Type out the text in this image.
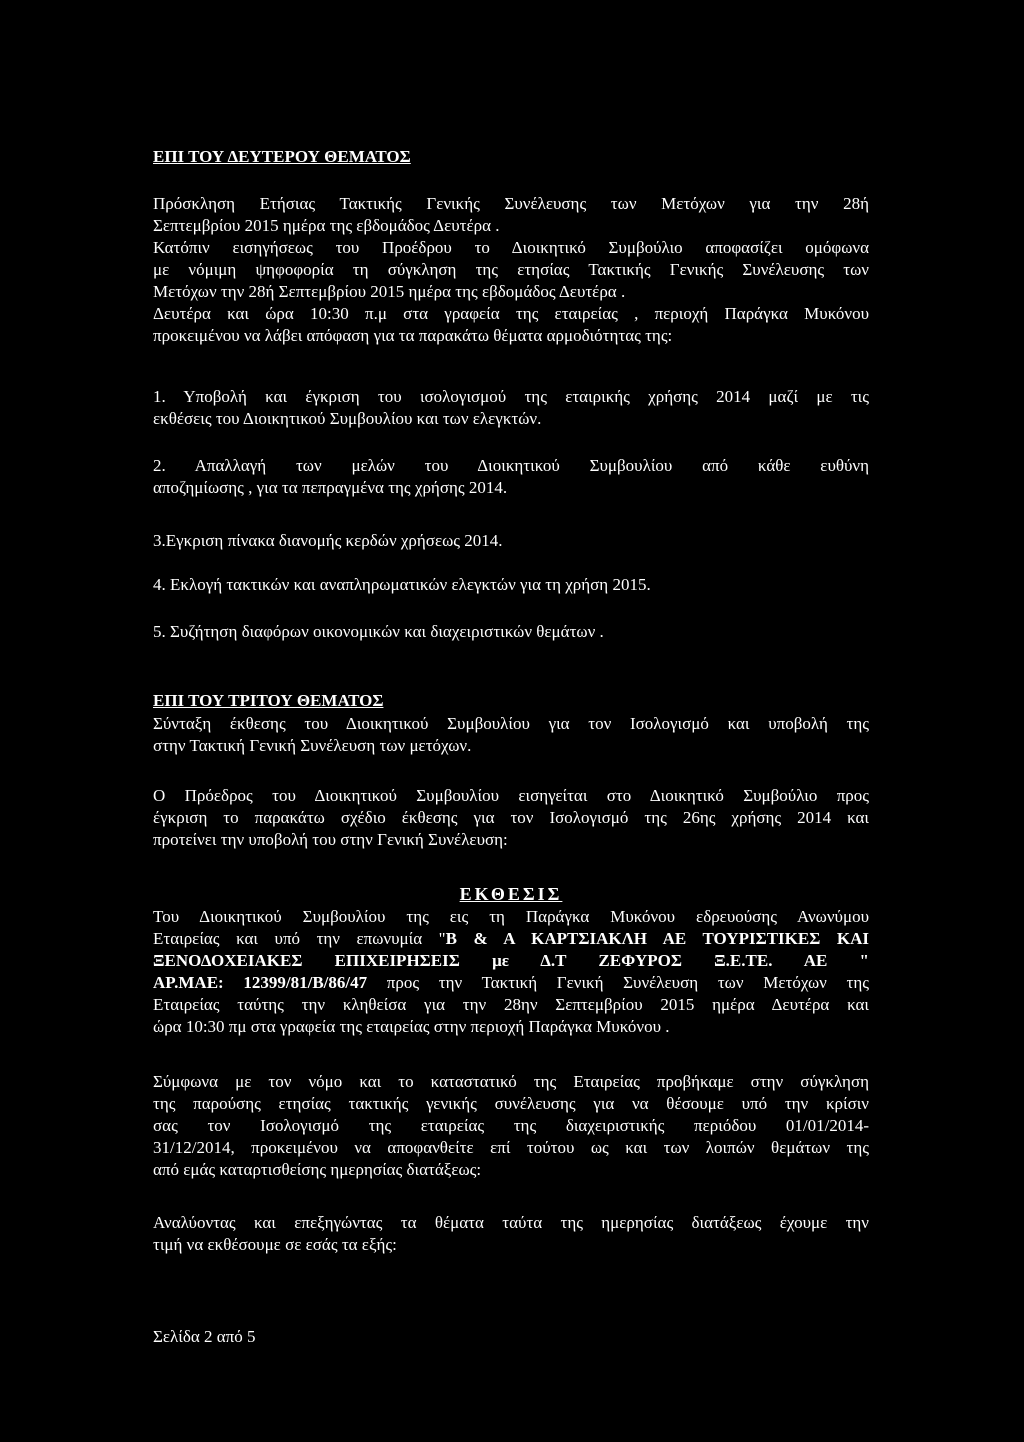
ΕΠΙ ΤΟΥ ΔΕΥΤΕΡΟΥ ΘΕΜΑΤΟΣ
Πρόσκληση Ετήσιας Τακτικής Γενικής Συνέλευσης των Μετόχων για την 28ή
Σεπτεμβρίου 2015 ημέρα της εβδομάδος Δευτέρα .
Κατόπιν εισηγήσεως του Προέδρου το Διοικητικό Συμβούλιο αποφασίζει ομόφωνα
με νόμιμη ψηφοφορία τη σύγκληση της ετησίας Τακτικής Γενικής Συνέλευσης των
Μετόχων την 28ή Σεπτεμβρίου 2015 ημέρα της εβδομάδος Δευτέρα .
Δευτέρα και ώρα 10:30 π.μ στα γραφεία της εταιρείας , περιοχή Παράγκα Μυκόνου
προκειμένου να λάβει απόφαση για τα παρακάτω θέματα αρμοδιότητας της:
1. Υποβολή και έγκριση του ισολογισμού της εταιρικής χρήσης 2014 μαζί με τις
εκθέσεις του Διοικητικού Συμβουλίου και των ελεγκτών.
2. Απαλλαγή των μελών του Διοικητικού Συμβουλίου από κάθε ευθύνη
αποζημίωσης , για τα πεπραγμένα της χρήσης 2014.
3.Εγκριση πίνακα διανομής κερδών χρήσεως 2014.
4. Εκλογή τακτικών και αναπληρωματικών ελεγκτών για τη χρήση 2015.
5. Συζήτηση διαφόρων οικονομικών και διαχειριστικών θεμάτων .
ΕΠΙ ΤΟΥ ΤΡΙΤΟΥ ΘΕΜΑΤΟΣ
Σύνταξη έκθεσης του Διοικητικού Συμβουλίου για τον Ισολογισμό και υποβολή της
στην Τακτική Γενική Συνέλευση των μετόχων.
Ο Πρόεδρος του Διοικητικού Συμβουλίου εισηγείται στο Διοικητικό Συμβούλιο προς
έγκριση το παρακάτω σχέδιο έκθεσης για τον Ισολογισμό της 26ης χρήσης 2014 και
προτείνει την υποβολή του στην Γενική Συνέλευση:
ΕΚΘΕΣΙΣ
Του Διοικητικού Συμβουλίου της εις τη Παράγκα Μυκόνου εδρευούσης Ανωνύμου
Εταιρείας και υπό την επωνυμία "Β & Α ΚΑΡΤΣΙΑΚΛΗ ΑΕ ΤΟΥΡΙΣΤΙΚΕΣ ΚΑΙ
ΞΕΝΟΔΟΧΕΙΑΚΕΣ ΕΠΙΧΕΙΡΗΣΕΙΣ με Δ.Τ ΖΕΦΥΡΟΣ Ξ.Ε.ΤΕ. ΑΕ "
ΑΡ.ΜΑΕ: 12399/81/Β/86/47 προς την Τακτική Γενική Συνέλευση των Μετόχων της
Εταιρείας ταύτης την κληθείσα για την 28ην Σεπτεμβρίου 2015 ημέρα Δευτέρα και
ώρα 10:30 πμ στα γραφεία της εταιρείας στην περιοχή Παράγκα Μυκόνου .
Σύμφωνα με τον νόμο και το καταστατικό της Εταιρείας προβήκαμε στην σύγκληση
της παρούσης ετησίας τακτικής γενικής συνέλευσης για να θέσουμε υπό την κρίσιν
σας τον Ισολογισμό της εταιρείας της διαχειριστικής περιόδου 01/01/2014-
31/12/2014, προκειμένου να αποφανθείτε επί τούτου ως και των λοιπών θεμάτων της
από εμάς καταρτισθείσης ημερησίας διατάξεως:
Αναλύοντας και επεξηγώντας τα θέματα ταύτα της ημερησίας διατάξεως έχουμε την
τιμή να εκθέσουμε σε εσάς τα εξής:
Σελίδα 2 από 5
